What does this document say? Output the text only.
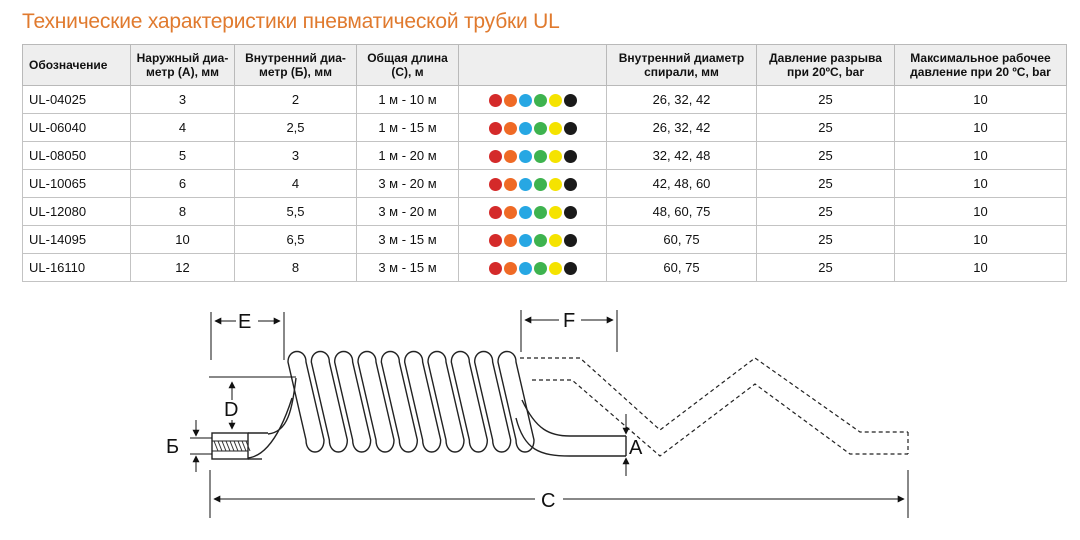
Технические характеристики пневматической трубки UL
Обозначение	Наружный диа-метр (А), мм	Внутренний диа-метр (Б), мм	Общая длина (С), м		Внутренний диаметр спирали, мм	Давление разрыва при 20ºС, bar	Максимальное рабочее давление при 20 ºС, bar
UL-04025	3	2	1 м - 10 м		26, 32, 42	25	10
UL-06040	4	2,5	1 м - 15 м		26, 32, 42	25	10
UL-08050	5	3	1 м - 20 м		32, 42, 48	25	10
UL-10065	6	4	3 м - 20 м		42, 48, 60	25	10
UL-12080	8	5,5	3 м - 20 м		48, 60, 75	25	10
UL-14095	10	6,5	3 м - 15 м		60, 75	25	10
UL-16110	12	8	3 м - 15 м		60, 75	25	10
E	F
D
Б	A
C
